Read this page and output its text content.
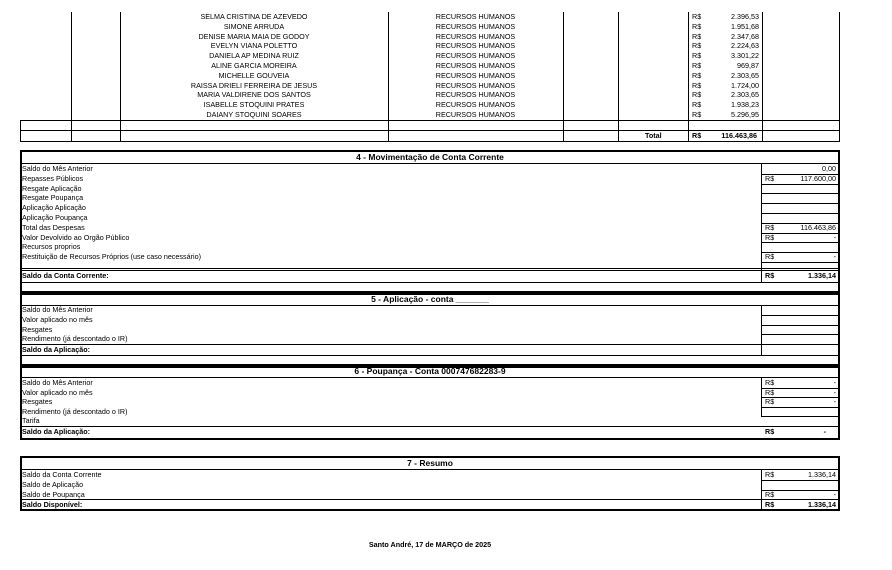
SELMA CRISTINA DE AZEVEDO	RECURSOS HUMANOS	R$	2.396,53
SIMONE ARRUDA	RECURSOS HUMANOS	R$	1.951,68
DENISE MARIA MAIA DE GODOY	RECURSOS HUMANOS	R$	2.347,68
EVELYN VIANA POLETTO	RECURSOS HUMANOS	R$	2.224,63
DANIELA AP MEDINA RUIZ	RECURSOS HUMANOS	R$	3.301,22
ALINE GARCIA MOREIRA	RECURSOS HUMANOS	R$	969,87
MICHELLE GOUVEIA	RECURSOS HUMANOS	R$	2.303,65
RAISSA DRIELI FERREIRA DE JESUS	RECURSOS HUMANOS	R$	1.724,00
MARIA VALDIRENE DOS SANTOS	RECURSOS HUMANOS	R$	2.303,65
ISABELLE STOQUINI PRATES	RECURSOS HUMANOS	R$	1.938,23
DAIANY STOQUINI SOARES	RECURSOS HUMANOS	R$	5.296,95
Total	R$	116.463,86
4 - Movimentação de Conta Corrente
Saldo do Mês Anterior	0,00
Repasses Públicos	R$	117.600,00
Resgate Aplicação
Resgate Poupança
Aplicação Aplicação
Aplicação Poupança
Total das Despesas	R$	116.463,86
Valor Devolvido ao Orgão Público	R$	-
Recursos proprios
Restituição de Recursos Próprios (use caso necessário)	R$	-
Saldo da Conta Corrente:	R$	1.336,14
5 - Aplicação - conta _______
Saldo do Mês Anterior
Valor aplicado no mês
Resgates
Rendimento (já descontado o IR)
Saldo da Aplicação:
6 - Poupança - Conta 000747682283-9
Saldo do Mês Anterior	R$	-
Valor aplicado no mês	R$	-
Resgates	R$	-
Rendimento (já descontado o IR)
Tarifa
Saldo da Aplicação:	R$	-
7 - Resumo
Saldo da Conta Corrente	R$	1.336,14
Saldo de Aplicação
Saldo de Poupança	R$	-
Saldo Disponível:	R$	1.336,14
Santo André, 17 de MARÇO de 2025
